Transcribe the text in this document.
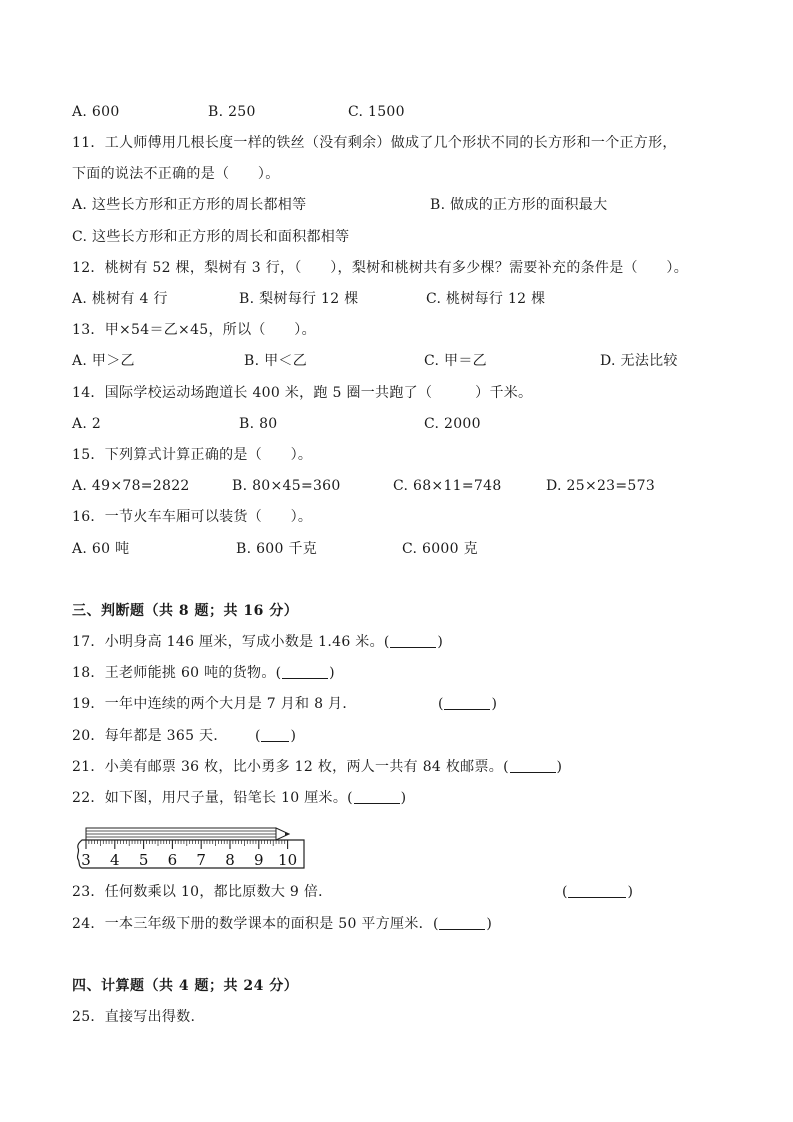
A. 600	B. 250	C. 1500
11．工人师傅用几根长度一样的铁丝（没有剩余）做成了几个形状不同的长方形和一个正方形，
下面的说法不正确的是（　　）。
A. 这些长方形和正方形的周长都相等	B. 做成的正方形的面积最大
C. 这些长方形和正方形的周长和面积都相等
12．桃树有 52 棵，梨树有 3 行，（　　），梨树和桃树共有多少棵？需要补充的条件是（　　）。
A. 桃树有 4 行	B. 梨树每行 12 棵	C. 桃树每行 12 棵
13．甲×54＝乙×45，所以（　　）。
A. 甲＞乙	B. 甲＜乙	C. 甲＝乙	D. 无法比较
14．国际学校运动场跑道长 400 米，跑 5 圈一共跑了（　　　）千米。
A. 2	B. 80	C. 2000
15．下列算式计算正确的是（　　）。
A. 49×78=2822	B. 80×45=360	C. 68×11=748	D. 25×23=573
16．一节火车车厢可以装货（　　）。
A. 60 吨	B. 600 千克	C. 6000 克
三、判断题（共 8 题；共 16 分）
17．小明身高 146 厘米，写成小数是 1.46 米。(	)
18．王老师能挑 60 吨的货物。(	)
19．一年中连续的两个大月是 7 月和 8 月．	(	)
20．每年都是 365 天． ( )
21．小美有邮票 36 枚，比小勇多 12 枚，两人一共有 84 枚邮票。(	)
22．如下图，用尺子量，铅笔长 10 厘米。(	)
3 4 5 6 7 8 9 10
23．任何数乘以 10，都比原数大 9 倍．	(	)
24．一本三年级下册的数学课本的面积是 50 平方厘米．(	)
四、计算题（共 4 题；共 24 分）
25．直接写出得数.
